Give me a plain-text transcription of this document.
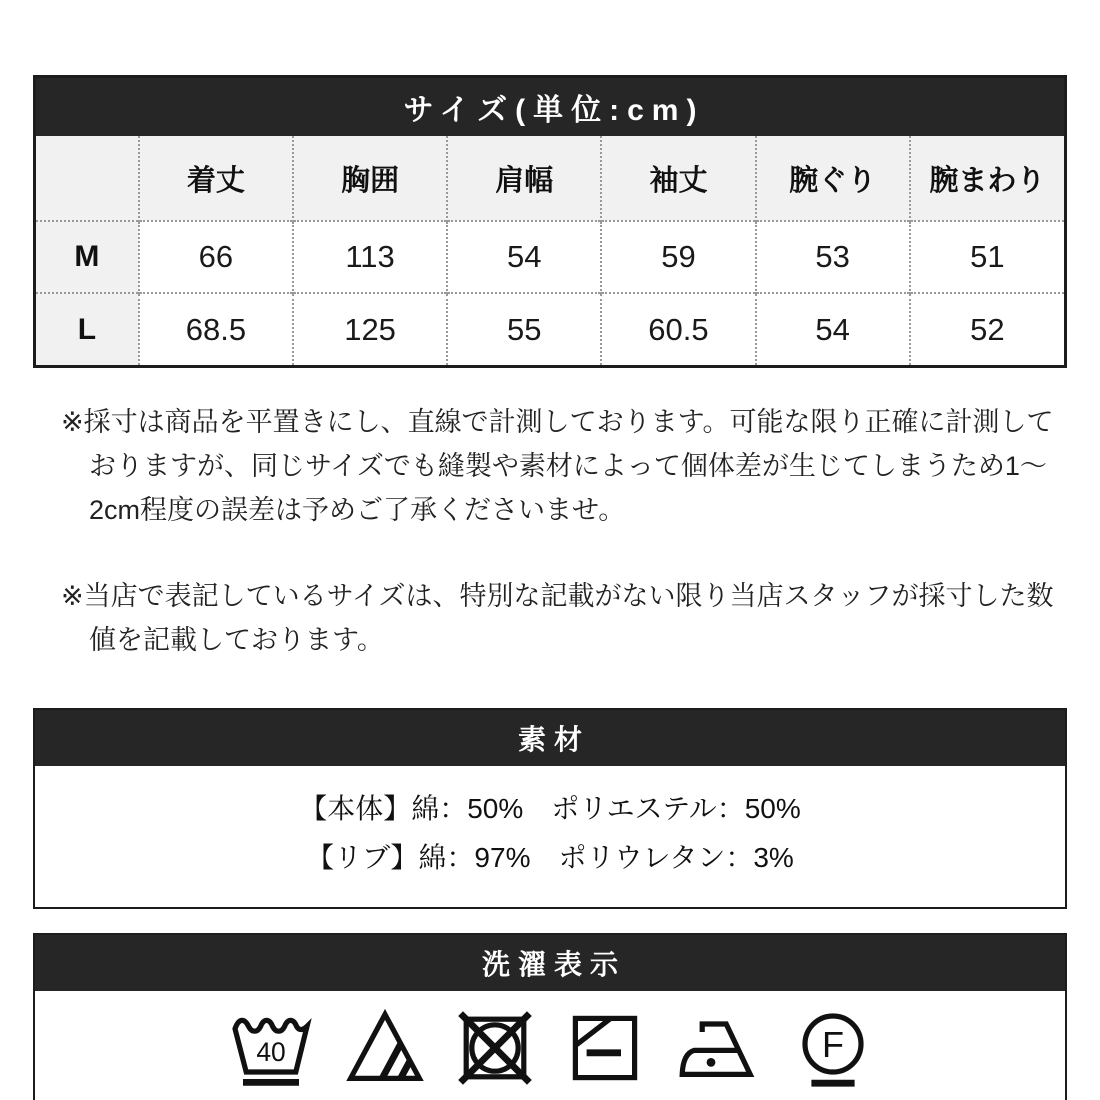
サイズ(単位:cm)
	着丈	胸囲	肩幅	袖丈	腕ぐり	腕まわり
M	66	113	54	59	53	51
L	68.5	125	55	60.5	54	52

※採寸は商品を平置きにし、直線で計測しております。可能な限り正確に計測しておりますが、同じサイズでも縫製や素材によって個体差が生じてしまうため1〜2cm程度の誤差は予めご了承くださいませ。

※当店で表記しているサイズは、特別な記載がない限り当店スタッフが採寸した数値を記載しております。

素材

【本体】綿：50%　ポリエステル：50%

【リブ】綿：97%　ポリウレタン：3%

洗濯表示
40	F
